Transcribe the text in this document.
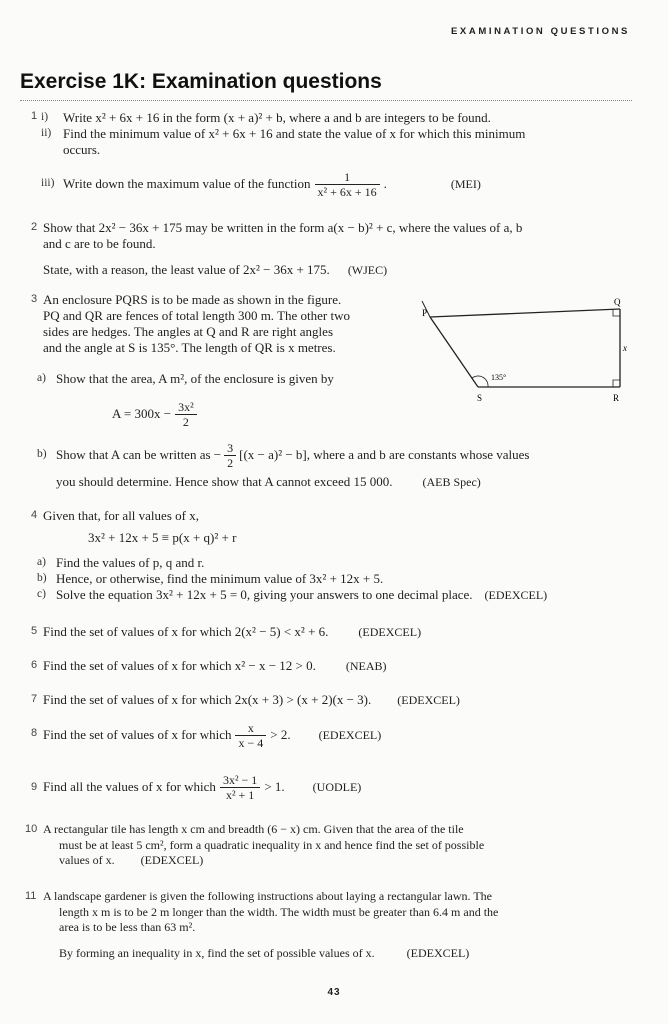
EXAMINATION QUESTIONS
Exercise 1K: Examination questions
1 i) Write x² + 6x + 16 in the form (x + a)² + b, where a and b are integers to be found.
ii) Find the minimum value of x² + 6x + 16 and state the value of x for which this minimum
occurs.
iii) Write down the maximum value of the function $\frac{1}{\text{x² + 6x + 16}}$ .	(MEI)
2 Show that 2x² − 36x + 175 may be written in the form a(x − b)² + c, where the values of a, b
and c are to be found.
State, with a reason, the least value of 2x² − 36x + 175. (WJEC)
3 An enclosure PQRS is to be made as shown in the figure.
PQ and QR are fences of total length 300 m. The other two
sides are hedges. The angles at Q and R are right angles
and the angle at S is 135°. The length of QR is x metres.
a) Show that the area, A m², of the enclosure is given by
$A = 300x - \frac{\text{3x²}}{2}$
b) Show that A can be written as − $\frac{3}{2} [(x - a)^2 - b]$, where a and b are constants whose values
you should determine. Hence show that A cannot exceed 15 000.	(AEB Spec)
P
Q
R
S
x
135°
4 Given that, for all values of x,
3x² + 12x + 5 ≡ p(x + q)² + r
a) Find the values of p, q and r.
b) Hence, or otherwise, find the minimum value of 3x² + 12x + 5.
c) Solve the equation 3x² + 12x + 5 = 0, giving your answers to one decimal place. (EDEXCEL)
5 Find the set of values of x for which 2(x² − 5) < x² + 6.	(EDEXCEL)
6 Find the set of values of x for which x² − x − 12 > 0.	(NEAB)
7 Find the set of values of x for which 2x(x + 3) > (x + 2)(x − 3). (EDEXCEL)
8 Find the set of values of x for which $\frac{x}{x - 4} > 2$. (EDEXCEL)
9 Find all the values of x for which $\frac{\text{3x² − 1}}{\text{x² + 1}} > 1$. (UODLE)
10 A rectangular tile has length x cm and breadth (6 − x) cm. Given that the area of the tile
must be at least 5 cm², form a quadratic inequality in x and hence find the set of possible
values of x. (EDEXCEL)
11 A landscape gardener is given the following instructions about laying a rectangular lawn. The
length x m is to be 2 m longer than the width. The width must be greater than 6.4 m and the
area is to be less than 63 m².
By forming an inequality in x, find the set of possible values of x.	(EDEXCEL)
43
